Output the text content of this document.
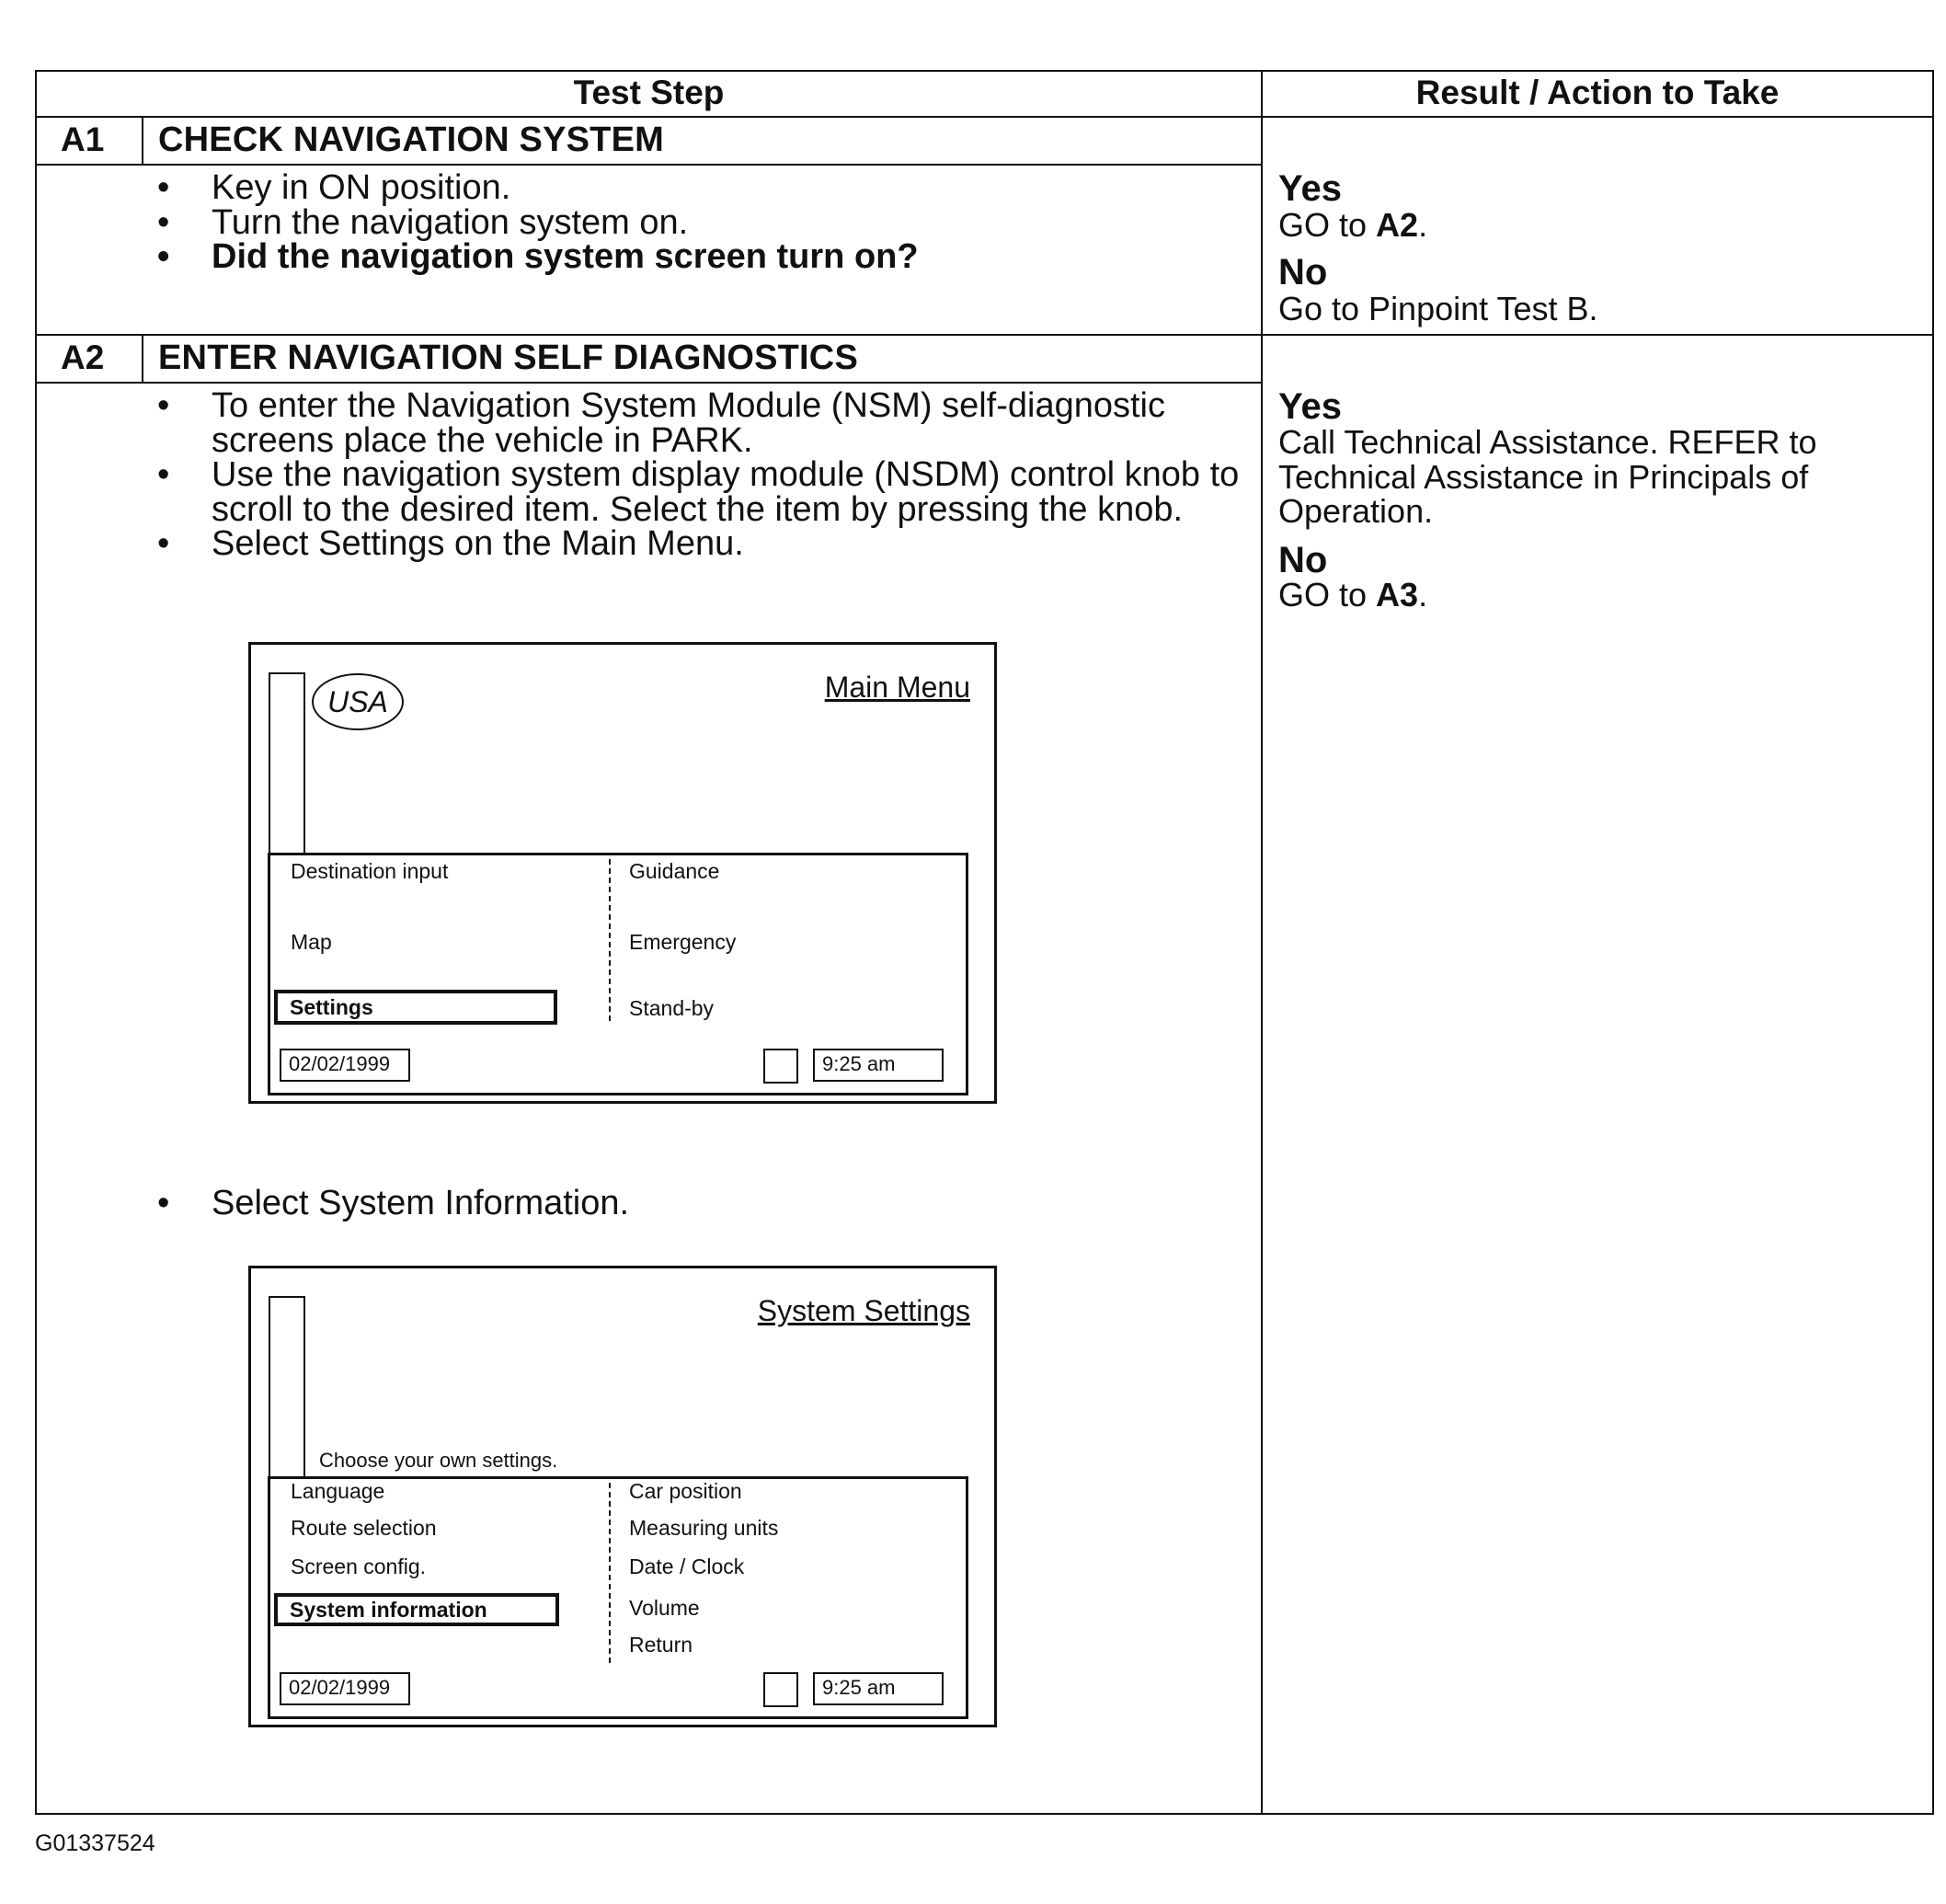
Test Step	Result / Action to Take
A1 CHECK NAVIGATION SYSTEM
• Key in ON position.
• Turn the navigation system on.
• Did the navigation system screen turn on?
Yes
GO to A2.
No
Go to Pinpoint Test B.
A2 ENTER NAVIGATION SELF DIAGNOSTICS
• To enter the Navigation System Module (NSM) self-diagnostic screens place the vehicle in PARK.
• Use the navigation system display module (NSDM) control knob to scroll to the desired item. Select the item by pressing the knob.
• Select Settings on the Main Menu.
• Select System Information.
Yes
Call Technical Assistance. REFER to Technical Assistance in Principals of Operation.
No
GO to A3.
USA	Main Menu
Destination input
Map
Settings
Guidance
Emergency
Stand-by
02/02/1999	9:25 am
System Settings
Choose your own settings.
Language
Route selection
Screen config.
System information
Car position
Measuring units
Date / Clock
Volume
Return
02/02/1999	9:25 am
G01337524
